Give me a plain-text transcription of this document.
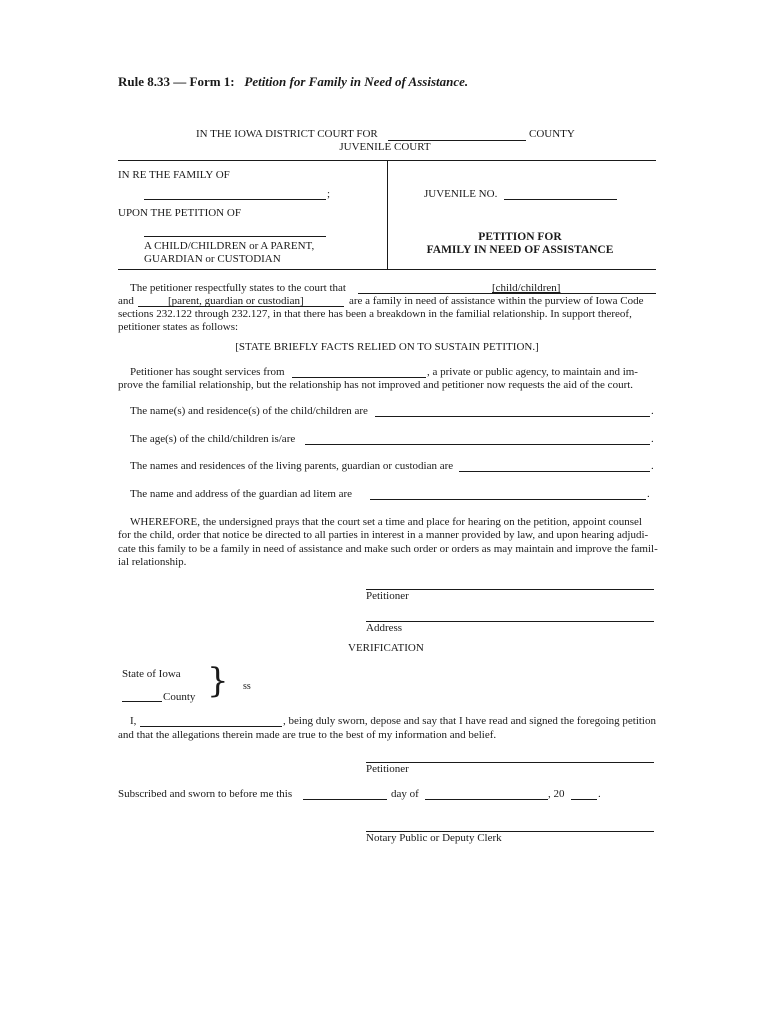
Rule 8.33 — Form 1: Petition for Family in Need of Assistance.
IN THE IOWA DISTRICT COURT FOR	COUNTY
JUVENILE COURT
IN RE THE FAMILY OF
;
UPON THE PETITION OF
A CHILD/CHILDREN or A PARENT,
GUARDIAN or CUSTODIAN
JUVENILE NO.
PETITION FOR
FAMILY IN NEED OF ASSISTANCE
The petitioner respectfully states to the court that	[child/children]
and	[parent, guardian or custodian]	are a family in need of assistance within the purview of Iowa Code
sections 232.122 through 232.127, in that there has been a breakdown in the familial relationship. In support thereof,
petitioner states as follows:
[STATE BRIEFLY FACTS RELIED ON TO SUSTAIN PETITION.]
Petitioner has sought services from	, a private or public agency, to maintain and im-
prove the familial relationship, but the relationship has not improved and petitioner now requests the aid of the court.
The name(s) and residence(s) of the child/children are	.
The age(s) of the child/children is/are	.
The names and residences of the living parents, guardian or custodian are	.
The name and address of the guardian ad litem are	.
WHEREFORE, the undersigned prays that the court set a time and place for hearing on the petition, appoint counsel
for the child, order that notice be directed to all parties in interest in a manner provided by law, and upon hearing adjudi-
cate this family to be a family in need of assistance and make such order or orders as may maintain and improve the famil-
ial relationship.
Petitioner
Address
VERIFICATION
State of Iowa
County } ss
I,	, being duly sworn, depose and say that I have read and signed the foregoing petition
and that the allegations therein made are true to the best of my information and belief.
Petitioner
Subscribed and sworn to before me this	day of	, 20	.
Notary Public or Deputy Clerk
